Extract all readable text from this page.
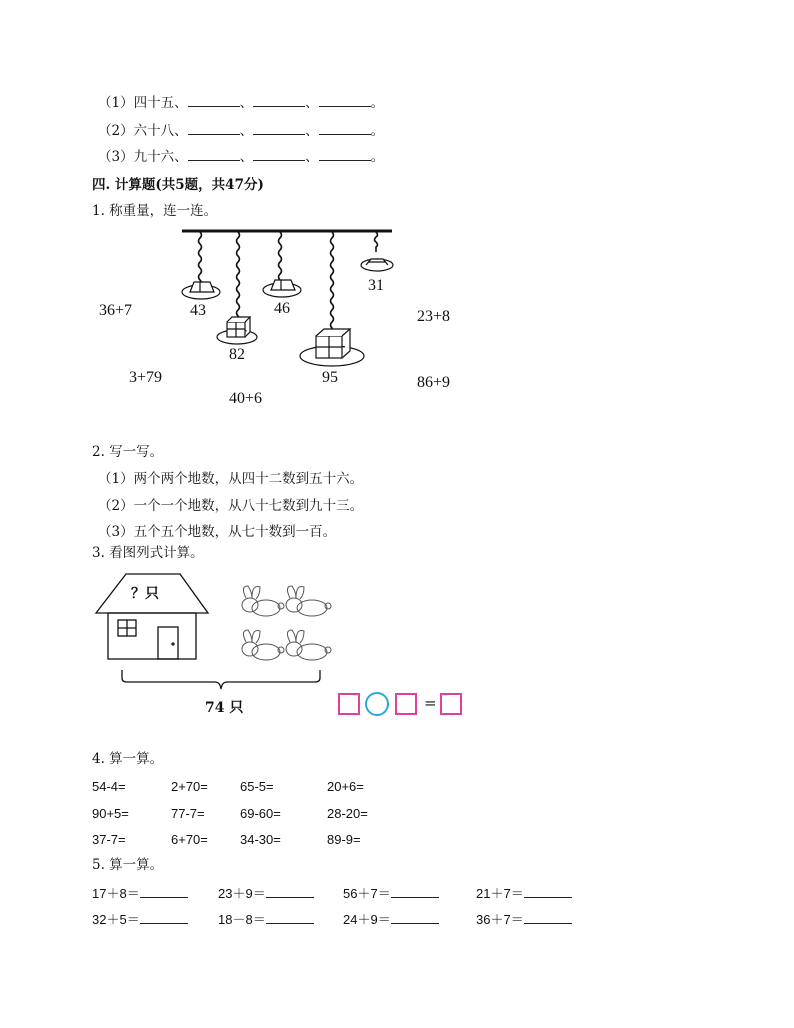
（1）四十五、	、	、	。
（2）六十八、	、	、	。
（3）九十六、	、	、	。
四. 计算题(共5题，共47分)
1. 称重量，连一连。
43	46
82
95
31
36+7	23+8
3+79	86+9
40+6
2. 写一写。
（1）两个两个地数，从四十二数到五十六。
（2）一个一个地数，从八十七数到九十三。
（3）五个五个地数，从七十数到一百。
3. 看图列式计算。
？只
74 只	=
4. 算一算。
54-4=	2+70= 65-5=	20+6=
90+5=	77-7=	69-60=	28-20=
37-7=	6+70= 34-30=	89-9=
5. 算一算。
17＋8＝	23＋9＝	56＋7＝	21＋7＝
32＋5＝	18－8＝	24＋9＝	36＋7＝
